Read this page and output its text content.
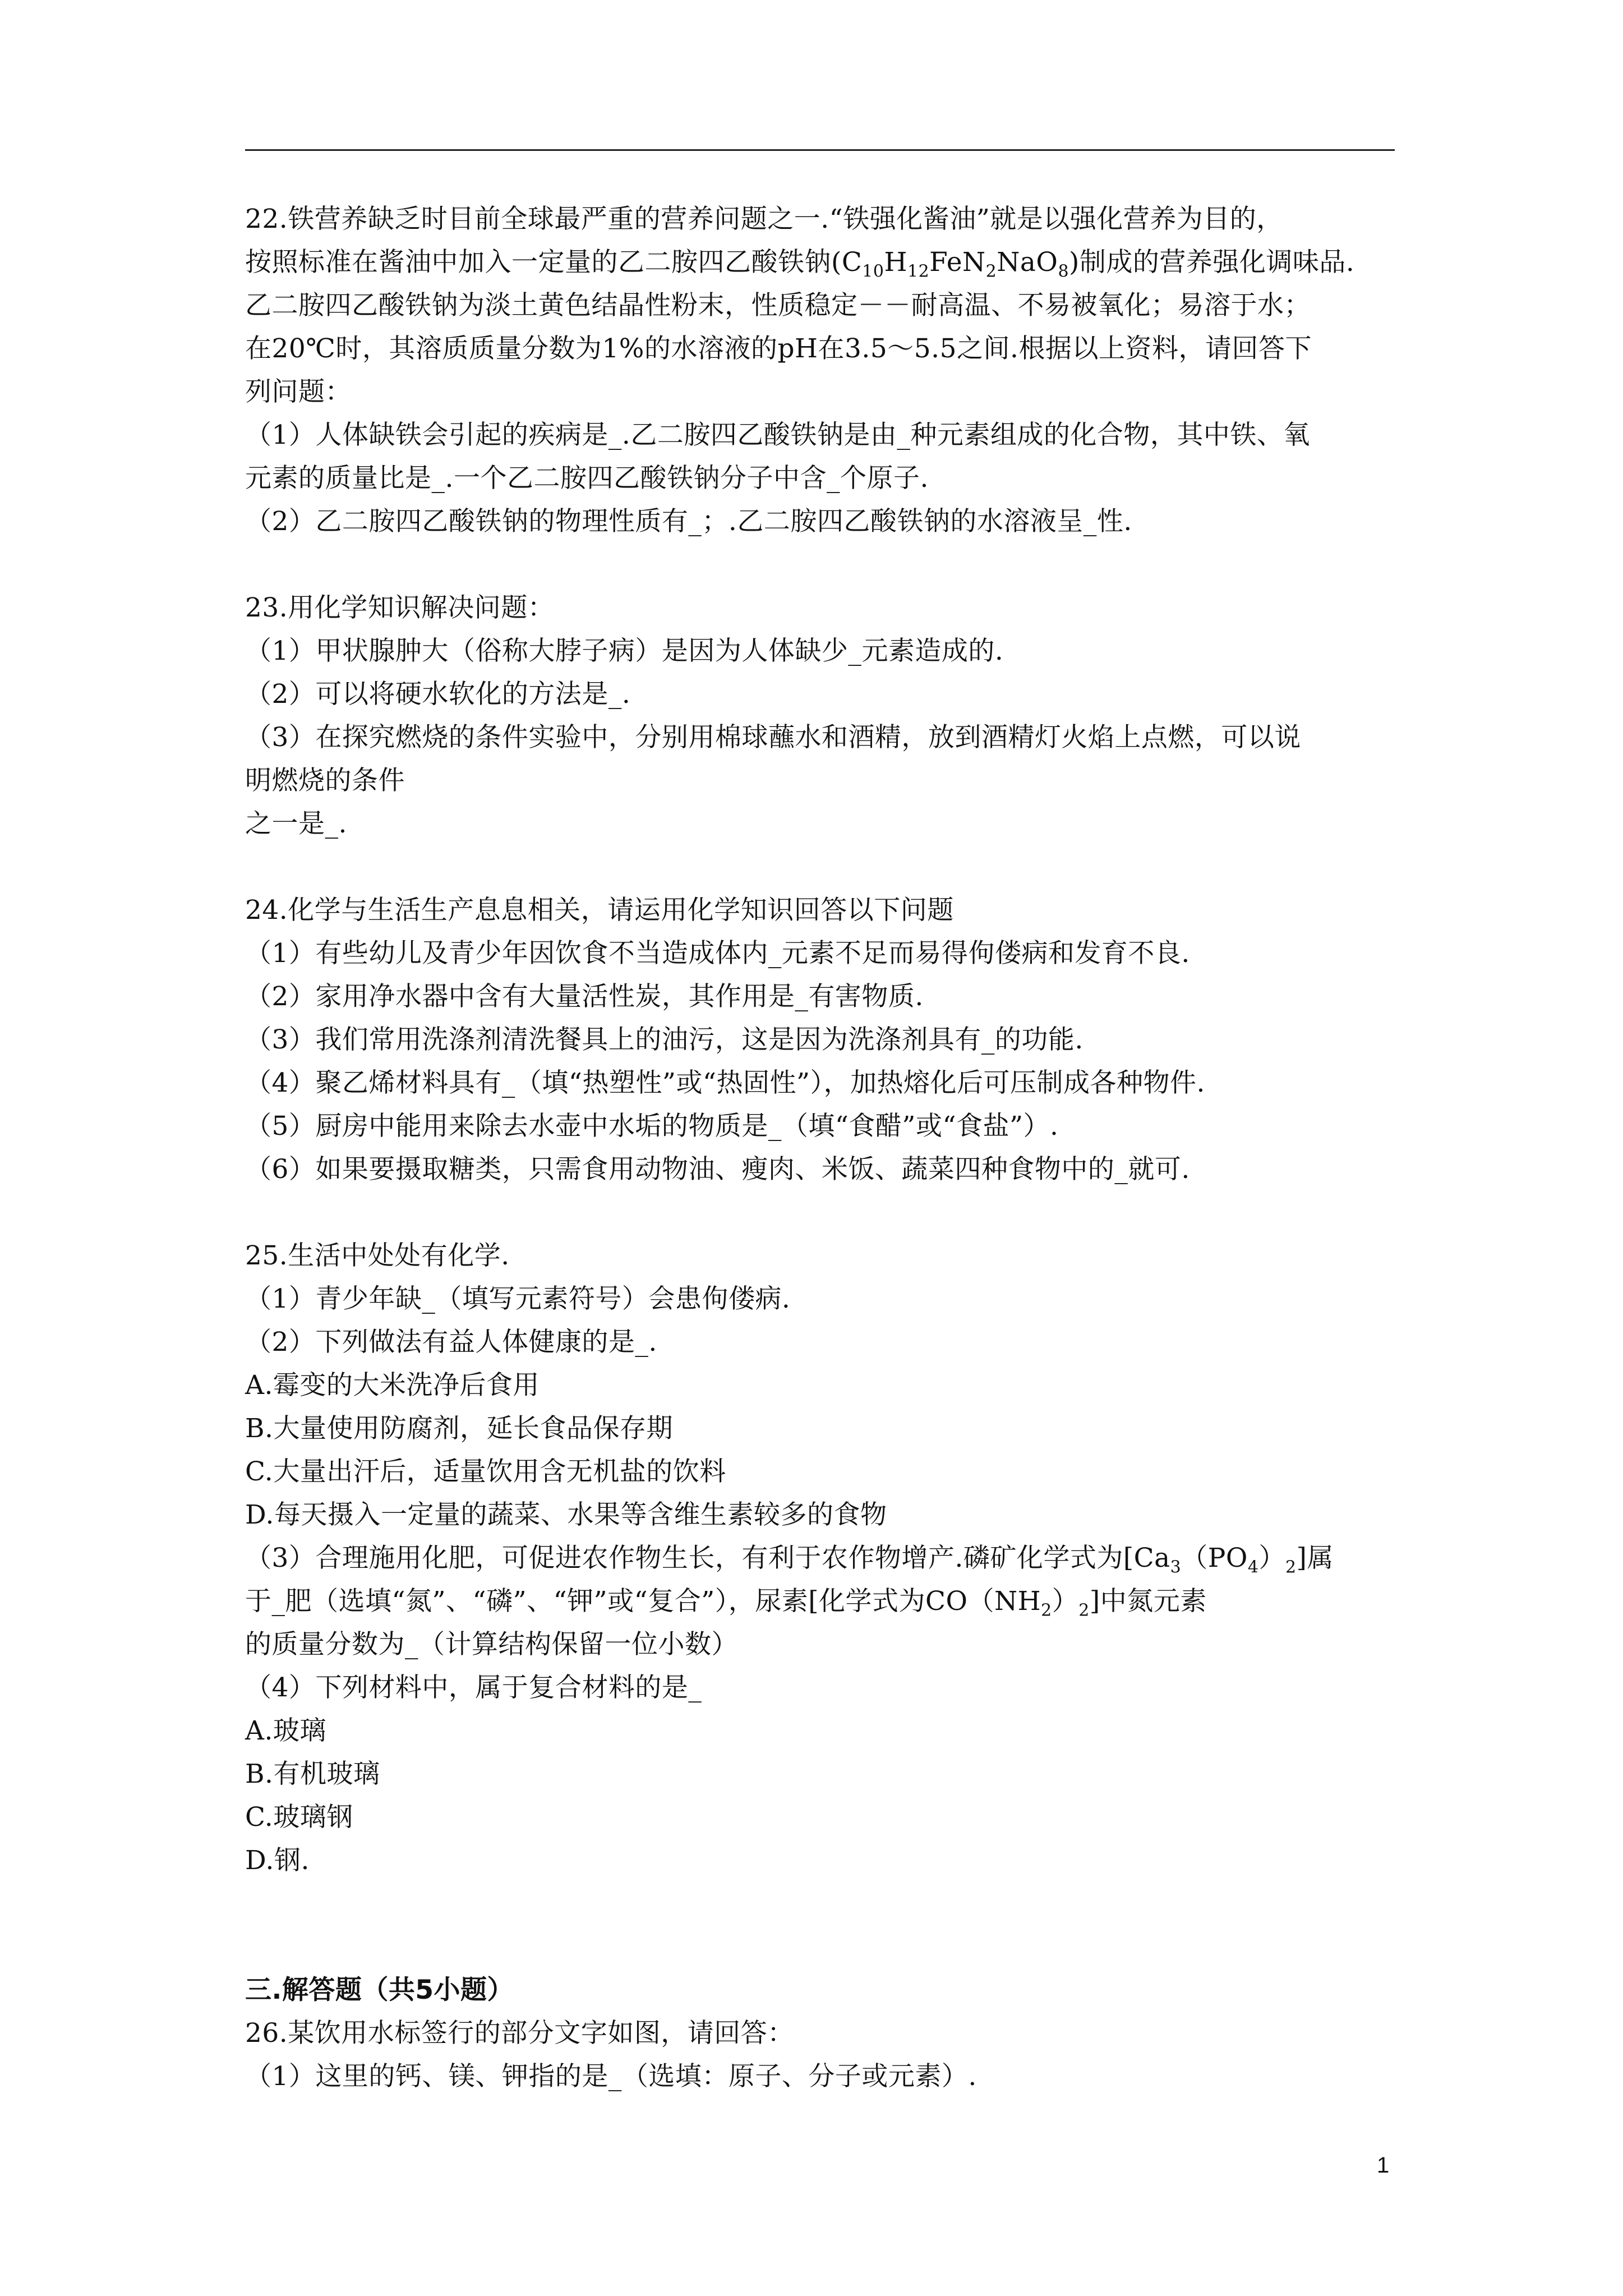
22.铁营养缺乏时目前全球最严重的营养问题之一.“铁强化酱油”就是以强化营养为目的，
按照标准在酱油中加入一定量的乙二胺四乙酸铁钠$(C_{10}H_{12}FeN_2NaO_8)$制成的营养强化调味品.
乙二胺四乙酸铁钠为淡土黄色结晶性粉末，性质稳定－－耐高温、不易被氧化；易溶于水；
在20℃时，其溶质质量分数为1%的水溶液的pH在3.5～5.5之间.根据以上资料，请回答下
列问题：
（1）人体缺铁会引起的疾病是_.乙二胺四乙酸铁钠是由_种元素组成的化合物，其中铁、氧
元素的质量比是_.一个乙二胺四乙酸铁钠分子中含_个原子.
（2）乙二胺四乙酸铁钠的物理性质有_；.乙二胺四乙酸铁钠的水溶液呈_性.
23.用化学知识解决问题：
（1）甲状腺肿大（俗称大脖子病）是因为人体缺少_元素造成的.
（2）可以将硬水软化的方法是_.
（3）在探究燃烧的条件实验中，分别用棉球蘸水和酒精，放到酒精灯火焰上点燃，可以说
明燃烧的条件
之一是_.
24.化学与生活生产息息相关，请运用化学知识回答以下问题
（1）有些幼儿及青少年因饮食不当造成体内_元素不足而易得佝偻病和发育不良.
（2）家用净水器中含有大量活性炭，其作用是_有害物质.
（3）我们常用洗涤剂清洗餐具上的油污，这是因为洗涤剂具有_的功能.
（4）聚乙烯材料具有_（填“热塑性”或“热固性”），加热熔化后可压制成各种物件.
（5）厨房中能用来除去水壶中水垢的物质是_（填“食醋”或“食盐”）.
（6）如果要摄取糖类，只需食用动物油、瘦肉、米饭、蔬菜四种食物中的_就可.
25.生活中处处有化学.
（1）青少年缺_（填写元素符号）会患佝偻病.
（2）下列做法有益人体健康的是_.
A.霉变的大米洗净后食用
B.大量使用防腐剂，延长食品保存期
C.大量出汗后，适量饮用含无机盐的饮料
D.每天摄入一定量的蔬菜、水果等含维生素较多的食物
（3）合理施用化肥，可促进农作物生长，有利于农作物增产.磷矿化学式为$[Ca_3(PO_4)_2]$属
于_肥（选填“氮”、“磷”、“钾”或“复合”），尿素[化学式为$CO(NH_2)_2$]中氮元素
的质量分数为_（计算结构保留一位小数）
（4）下列材料中，属于复合材料的是_
A.玻璃
B.有机玻璃
C.玻璃钢
D.钢.
三.解答题（共5小题）
26.某饮用水标签行的部分文字如图，请回答：
（1）这里的钙、镁、钾指的是_（选填：原子、分子或元素）.
1
